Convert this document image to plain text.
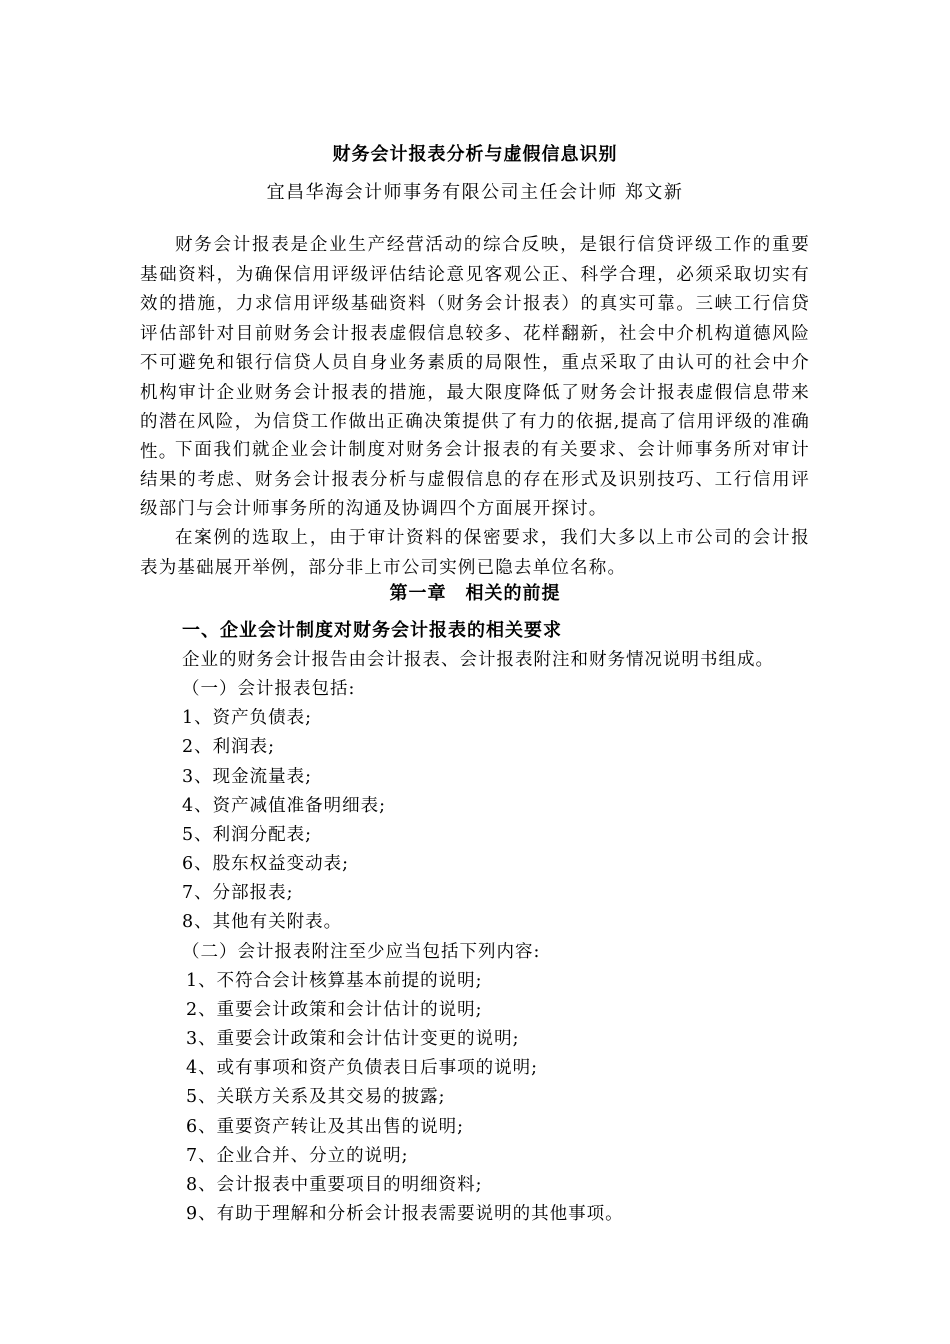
财务会计报表分析与虚假信息识别
宜昌华海会计师事务有限公司主任会计师 郑文新

财务会计报表是企业生产经营活动的综合反映，是银行信贷评级工作的重要基础资料，为确保信用评级评估结论意见客观公正、科学合理，必须采取切实有效的措施，力求信用评级基础资料（财务会计报表）的真实可靠。三峡工行信贷评估部针对目前财务会计报表虚假信息较多、花样翻新，社会中介机构道德风险不可避免和银行信贷人员自身业务素质的局限性，重点采取了由认可的社会中介机构审计企业财务会计报表的措施，最大限度降低了财务会计报表虚假信息带来的潜在风险，为信贷工作做出正确决策提供了有力的依据,提高了信用评级的准确性。

下面我们就企业会计制度对财务会计报表的有关要求、会计师事务所对审计结果的考虑、财务会计报表分析与虚假信息的存在形式及识别技巧、工行信用评级部门与会计师事务所的沟通及协调四个方面展开探讨。

在案例的选取上，由于审计资料的保密要求，我们大多以上市公司的会计报表为基础展开举例，部分非上市公司实例已隐去单位名称。

第一章　相关的前提
一、企业会计制度对财务会计报表的相关要求
企业的财务会计报告由会计报表、会计报表附注和财务情况说明书组成。
（一）会计报表包括:
1、资产负债表;
2、利润表;
3、现金流量表;
4、资产减值准备明细表;
5、利润分配表;
6、股东权益变动表;
7、分部报表;
8、其他有关附表。
（二）会计报表附注至少应当包括下列内容:
1、不符合会计核算基本前提的说明;
2、重要会计政策和会计估计的说明;
3、重要会计政策和会计估计变更的说明;
4、或有事项和资产负债表日后事项的说明;
5、关联方关系及其交易的披露;
6、重要资产转让及其出售的说明;
7、企业合并、分立的说明;
8、会计报表中重要项目的明细资料;
9、有助于理解和分析会计报表需要说明的其他事项。
